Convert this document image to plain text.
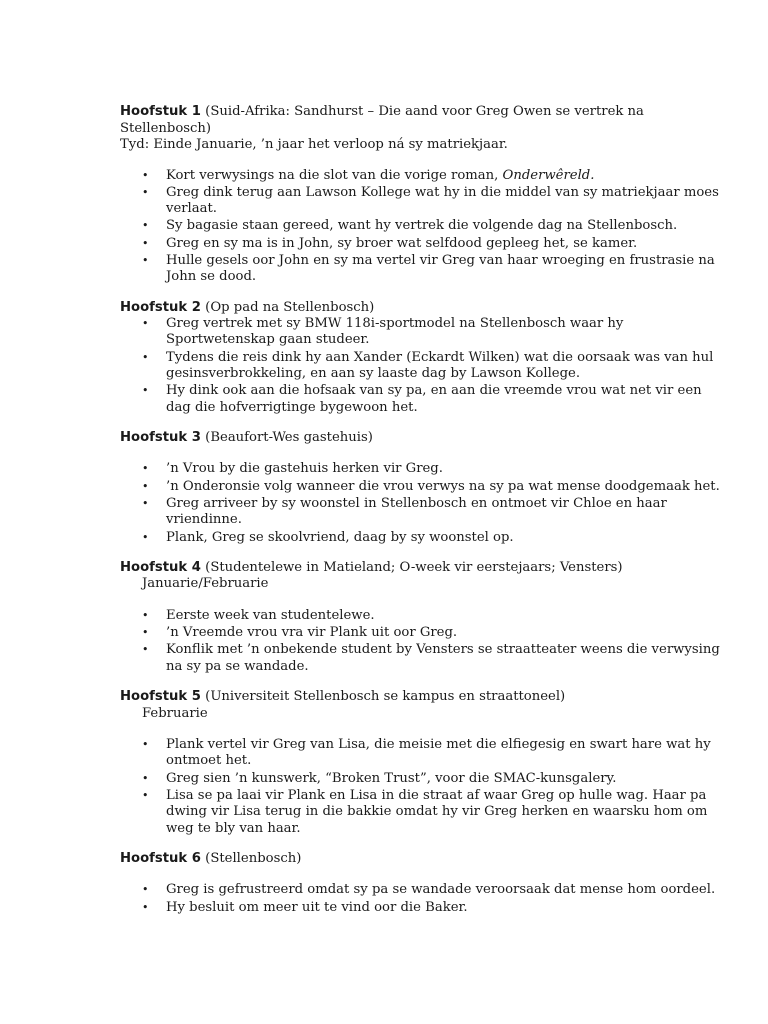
Hoofstuk 1 (Suid-Afrika: Sandhurst – Die aand voor Greg Owen se vertrek na Stellenbosch)

Tyd: Einde Januarie, ’n jaar het verloop ná sy matriekjaar.

• Kort verwysings na die slot van die vorige roman, Onderwêreld.
• Greg dink terug aan Lawson Kollege wat hy in die middel van sy matriekjaar moes verlaat.
• Sy bagasie staan gereed, want hy vertrek die volgende dag na Stellenbosch.
• Greg en sy ma is in John, sy broer wat selfdood gepleeg het, se kamer.
• Hulle gesels oor John en sy ma vertel vir Greg van haar wroeging en frustrasie na John se dood.

Hoofstuk 2 (Op pad na Stellenbosch)

• Greg vertrek met sy BMW 118i-sportmodel na Stellenbosch waar hy Sportwetenskap gaan studeer.
• Tydens die reis dink hy aan Xander (Eckardt Wilken) wat die oorsaak was van hul gesinsverbrokkeling, en aan sy laaste dag by Lawson Kollege.
• Hy dink ook aan die hofsaak van sy pa, en aan die vreemde vrou wat net vir een dag die hofverrigtinge bygewoon het.

Hoofstuk 3 (Beaufort-Wes gastehuis)

• ’n Vrou by die gastehuis herken vir Greg.
• ’n Onderonsie volg wanneer die vrou verwys na sy pa wat mense doodgemaak het.
• Greg arriveer by sy woonstel in Stellenbosch en ontmoet vir Chloe en haar vriendinne.
• Plank, Greg se skoolvriend, daag by sy woonstel op.

Hoofstuk 4 (Studentelewe in Matieland; O-week vir eerstejaars; Vensters)

Januarie/Februarie

• Eerste week van studentelewe.
• ’n Vreemde vrou vra vir Plank uit oor Greg.
• Konflik met ’n onbekende student by Vensters se straatteater weens die verwysing na sy pa se wandade.

Hoofstuk 5 (Universiteit Stellenbosch se kampus en straattoneel)

Februarie

• Plank vertel vir Greg van Lisa, die meisie met die elfiegesig en swart hare wat hy ontmoet het.
• Greg sien ’n kunswerk, “Broken Trust”, voor die SMAC-kunsgalery.
• Lisa se pa laai vir Plank en Lisa in die straat af waar Greg op hulle wag. Haar pa dwing vir Lisa terug in die bakkie omdat hy vir Greg herken en waarsku hom om weg te bly van haar.

Hoofstuk 6 (Stellenbosch)

• Greg is gefrustreerd omdat sy pa se wandade veroorsaak dat mense hom oordeel.
• Hy besluit om meer uit te vind oor die Baker.
